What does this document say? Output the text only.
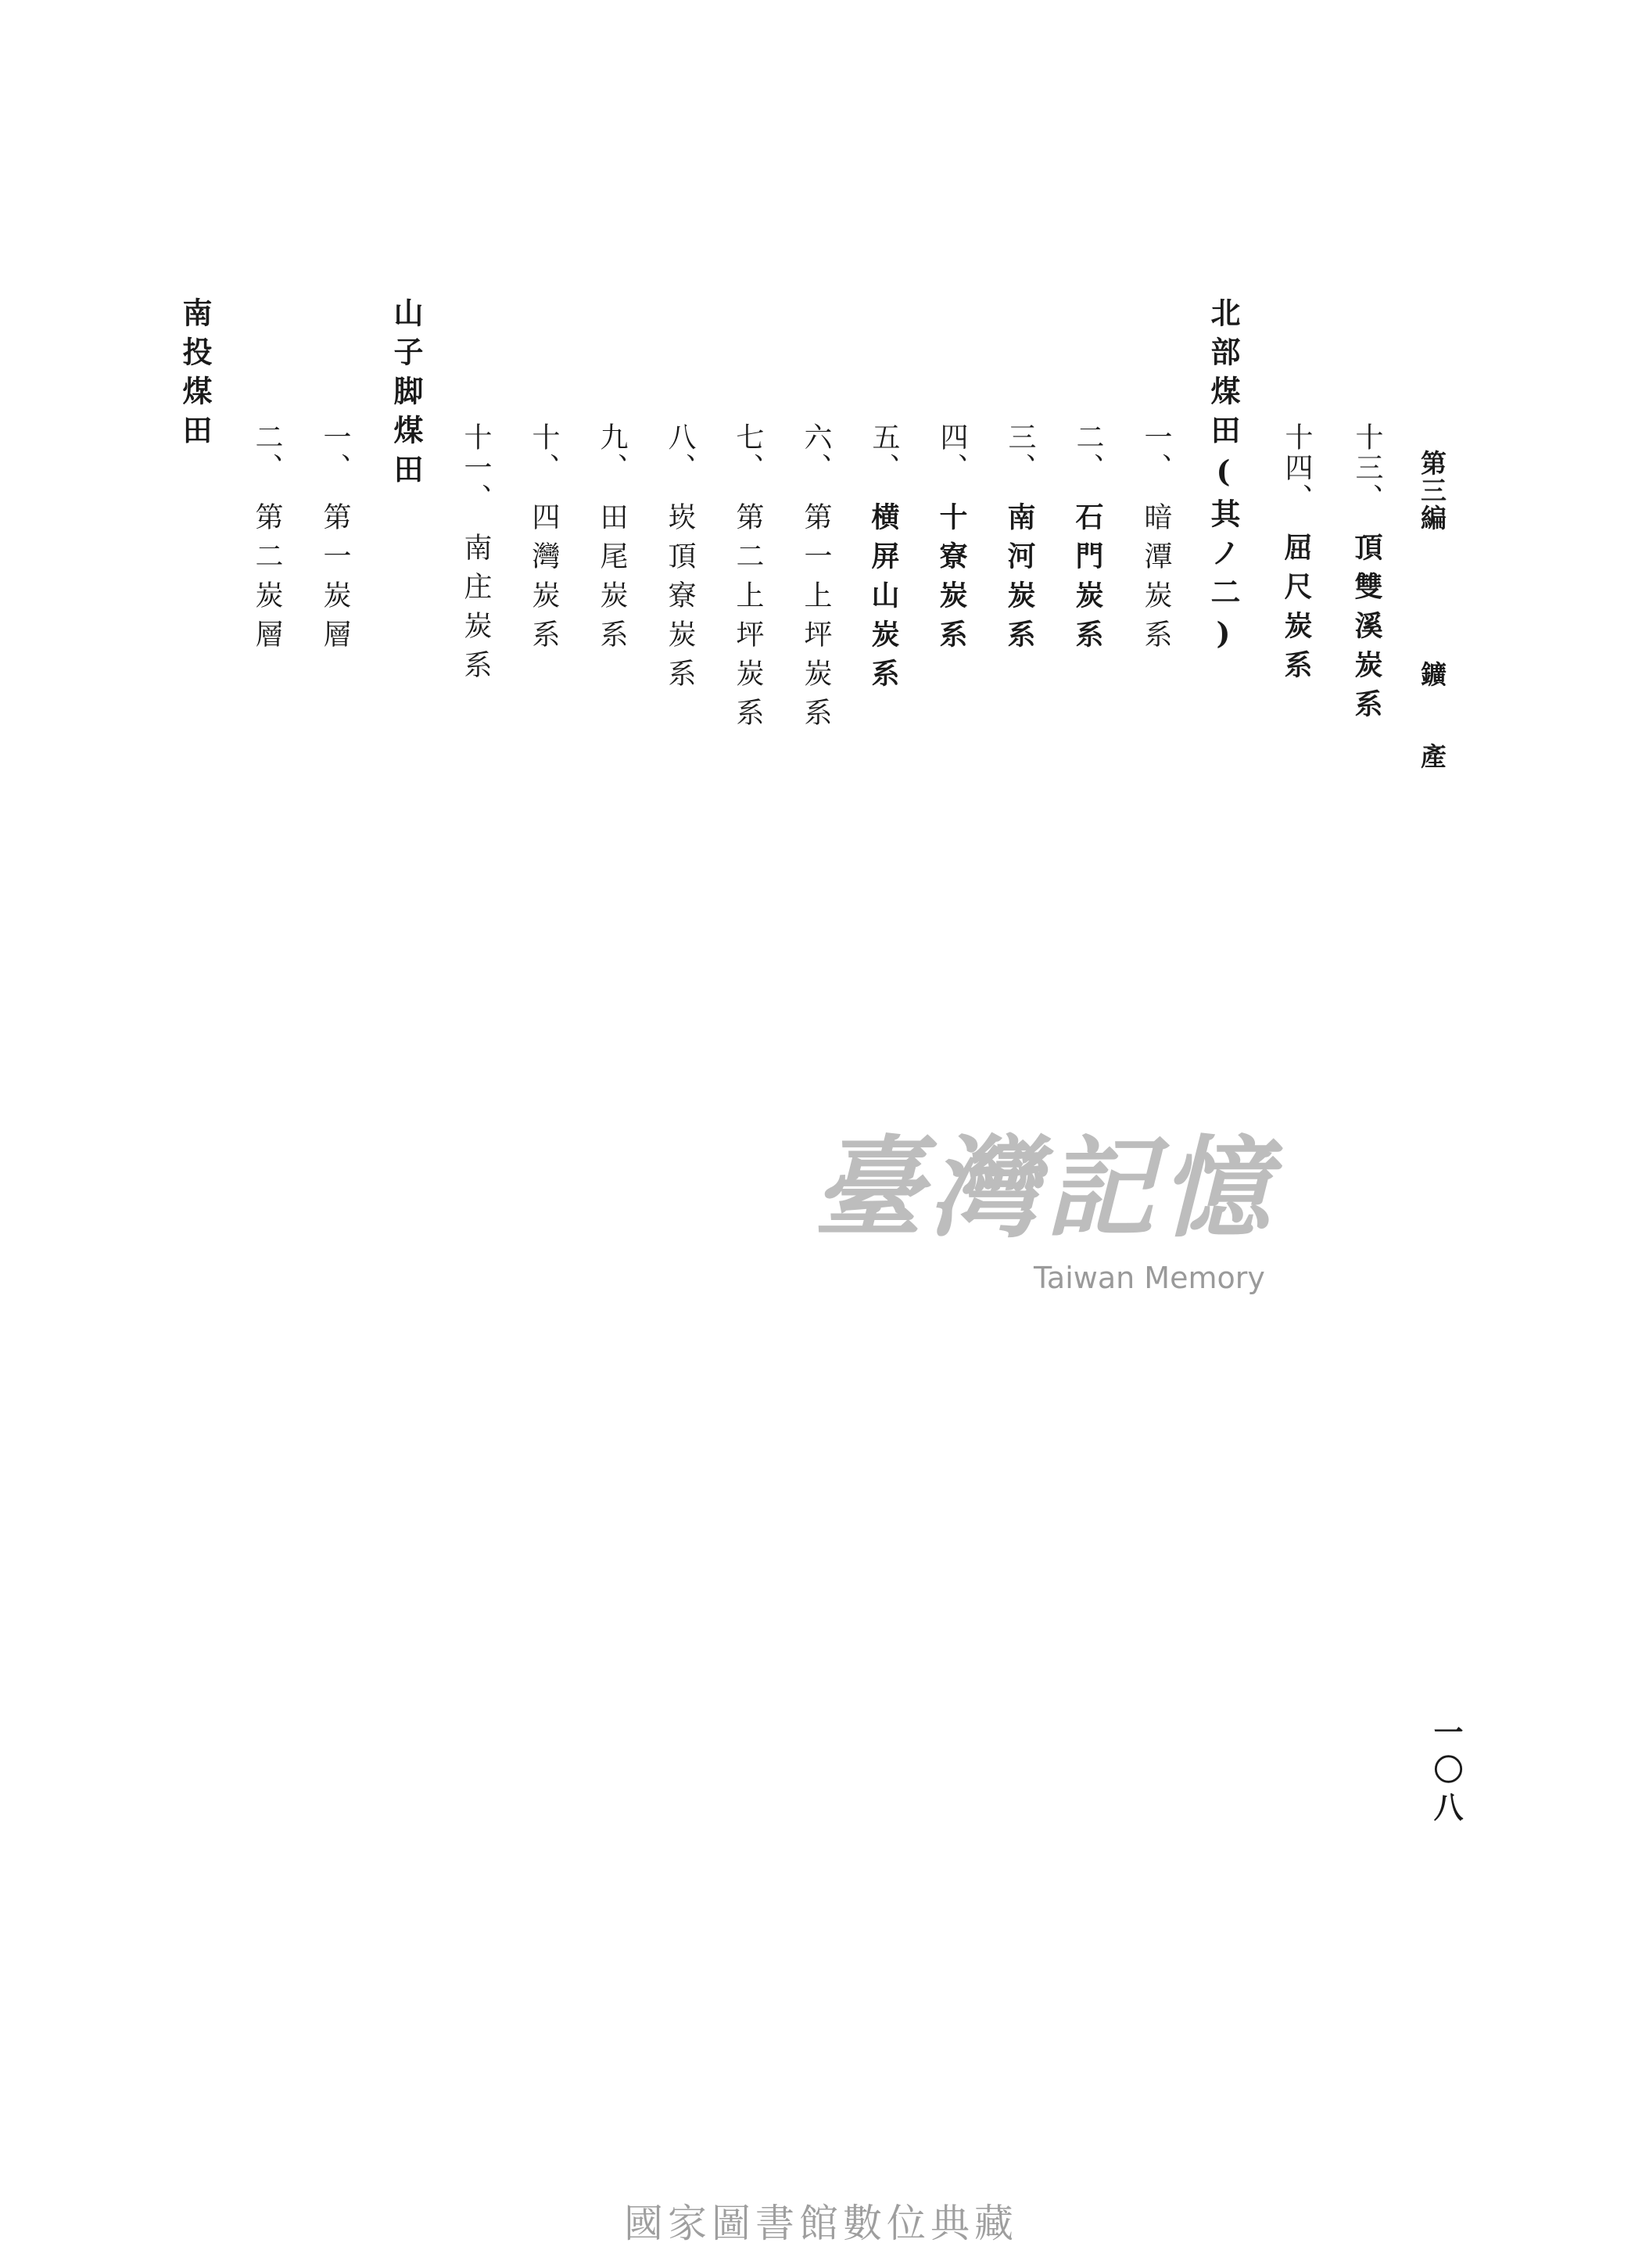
第三編
鑛　　產
十三、頂雙溪炭系
十四、屈尺炭系
北部煤田(其ノ二)
一、暗潭炭系
二、石門炭系
三、南河炭系
四、十寮炭系
五、横屏山炭系
六、第一上坪炭系
七、第二上坪炭系
八、崁頂寮炭系
九、田尾炭系
十、四灣炭系
十一、南庄炭系
山子脚煤田
一、第一炭層
二、第二炭層
南投煤田
一〇八
臺灣記憶
Taiwan Memory
國家圖書館數位典藏
